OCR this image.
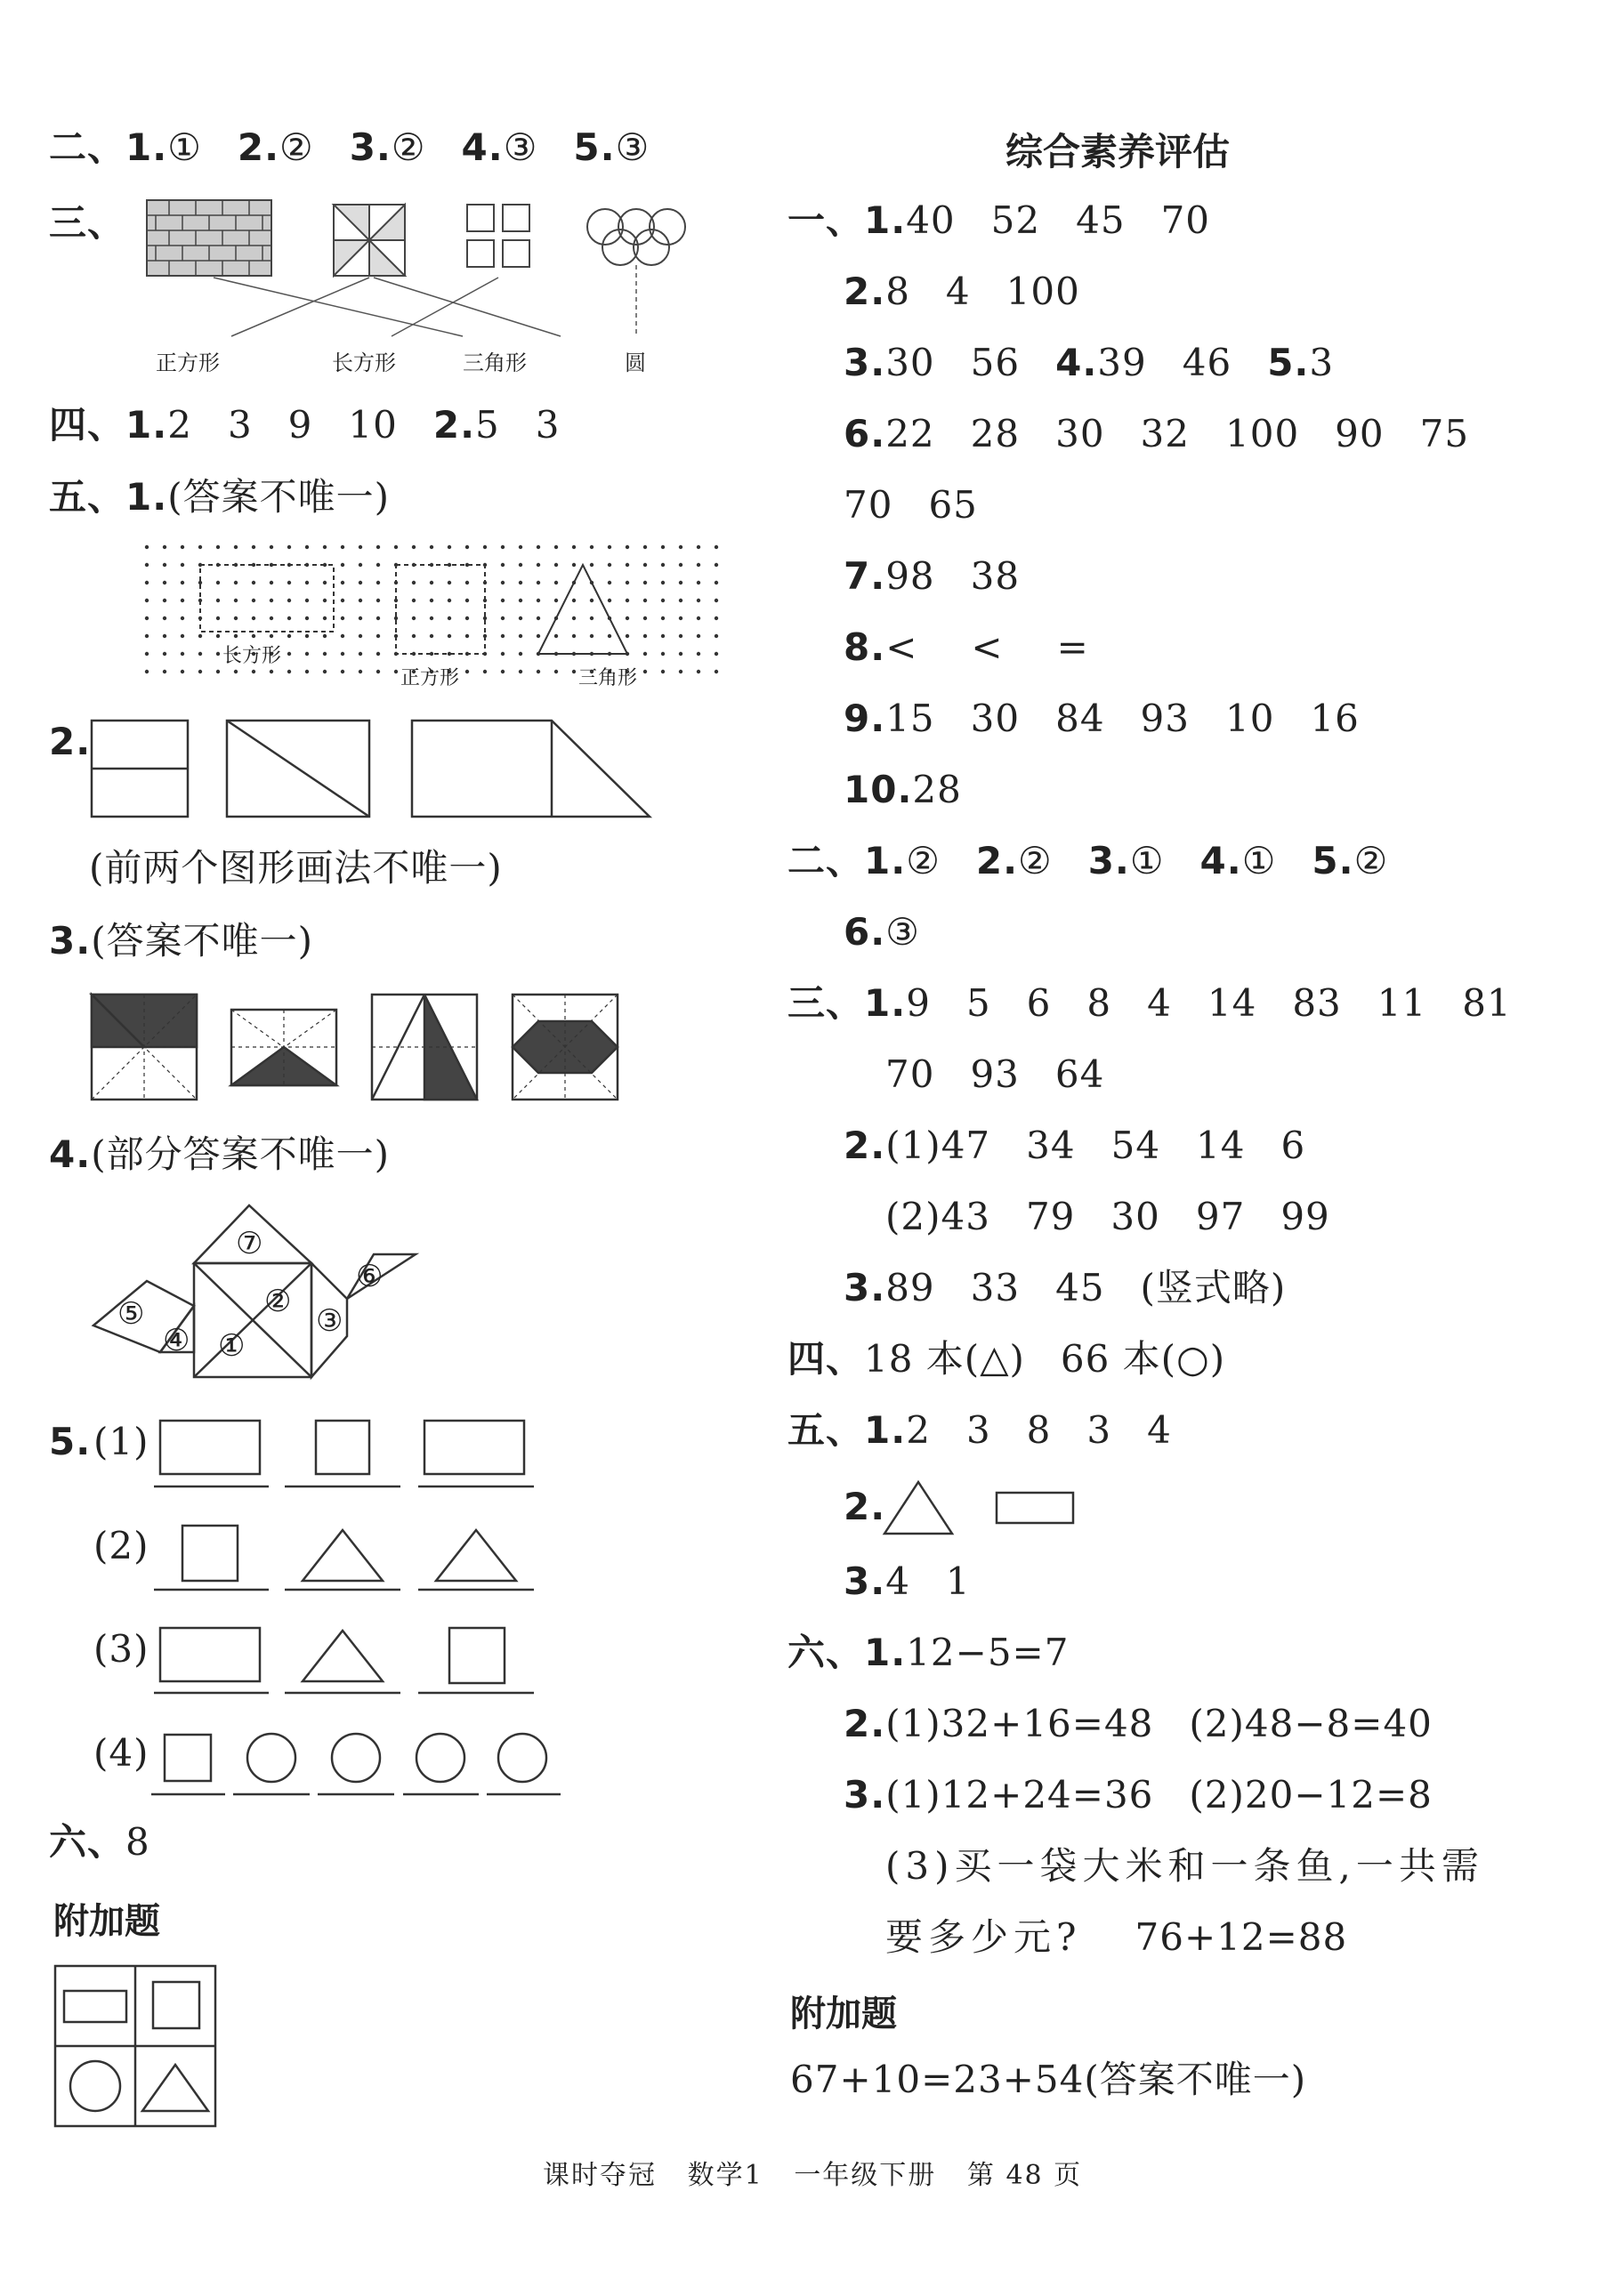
二、1.① 2.② 3.② 4.③ 5.③
三、
正方形	长方形	三角形	圆
四、1.2 3 9 10 2.5 3
五、1.(答案不唯一)
长方形
正方形	三角形
2.
(前两个图形画法不唯一)
3.(答案不唯一)
4.(部分答案不唯一)
⑦
②
⑤
④ ①
③
⑥
5. (1)
(2)
(3)
(4)
六、8
附加题
综合素养评估
一、1.40 52 45 70
2.8 4 100
3.30 56 4.39 46 5.3
6.22 28 30 32 100 90 75
70 65
7.98 38
8.< < =
9.15 30 84 93 10 16
10.28
二、1.② 2.② 3.① 4.① 5.②
6.③
三、1.9 5 6 8 4 14 83 11 81
70 93 64
2.(1)47 34 54 14 6
(2)43 79 30 97 99
3.89 33 45 (竖式略)
四、18 本(△) 66 本(○)
五、1.2 3 8 3 4
2.
3.4 1
六、1.12−5=7
2.(1)32+16=48 (2)48−8=40
3.(1)12+24=36 (2)20−12=8
(3)买一袋大米和一条鱼,一共需
要多少元? 76+12=88
附加题
67+10=23+54(答案不唯一)
课时夺冠 数学1 一年级下册 第 48 页
